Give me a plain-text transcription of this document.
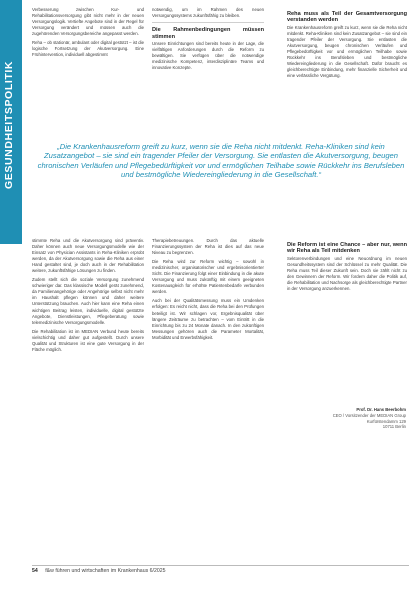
GESUNDHEITSPOLITIK

Verbesserung zwischen Kur- und Rehabilitationsversorgung gibt nicht mehr in der neuen Versorgungslogik. Vertiefte Angebote sind in der Regel für Versorgung verändert und müssen auch die zugehörenden Versorgungsbereiche angepasst werden.

Reha – ob stationär, ambulant oder digital gestützt – ist die logische Fortsetzung der Akutversorgung. Eine Frühintervention, individuell abgestimmt

notwendig, um im Rahmen des neuen Versorgungssystems zukunftsfähig zu bleiben.

Die Rahmenbedingungen müssen stimmen

Unsere Einrichtungen sind bereits heute in der Lage, die vielfältigen Anforderungen durch die Reform zu bewältigen. Sie verfügen über die notwendige medizinische Kompetenz, interdisziplinäre Teams und innovative Konzepte.

Reha muss als Teil der Gesamtversorgung verstanden werden

Die Krankenhausreform greift zu kurz, wenn sie die Reha nicht mitdenkt. Reha-Kliniken sind kein Zusatzangebot – sie sind ein tragender Pfeiler der Versorgung. Sie entlasten die Akutversorgung, beugen chronischen Verläufen und Pflegebedürftigkeit vor und ermöglichen Teilhabe sowie Rückkehr ins Berufsleben und bestmögliche Wiedereingliederung in die Gesellschaft. Dafür braucht es gleichberechtigte Einbindung, mehr finanzielle Sicherheit und eine verlässliche Vergütung.

„Die Krankenhausreform greift zu kurz, wenn sie die Reha nicht mitdenkt. Reha-Kliniken sind kein Zusatzangebot – sie sind ein tragender Pfeiler der Versorgung. Sie entlasten die Akutversorgung, beugen chronischen Verläufen und Pflegebedürftigkeit vor und ermöglichen Teilhabe sowie Rückkehr ins Berufsleben und bestmögliche Wiedereingliederung in die Gesellschaft.“

stimmte Reha und die Akutversorgung sind präventiv. Daher können auch neue Versorgungsmodelle wie der Einsatz von Physician Assistants in Reha-Kliniken erprobt werden, da der Akutversorgung sowie die Reha aus einer Hand gestaltet sind, je doch auch in der Rehabilitation weitere, zukunftsfähige Lösungen zu finden.

Zudem stellt sich die soziale Versorgung zunehmend schwieriger dar. Das klassische Modell gerät zunehmend, da Familienangehörige oder Angehörige selbst nicht mehr im Haushalt pflegen können und daher weitere Unterstützung brauchen. Auch hier kann eine Reha einen wichtigen Beitrag leisten, individuelle, digital gestützte Angebote, Dienstleistungen, Pflegeberatung sowie telemedizinische Versorgungsmodelle.

Die Rehabilitation ist im MEDIAN Verbund heute bereits vielschichtig und daher gut aufgestellt. Durch unsere Qualität und Strukturen ist eine gute Versorgung in der Fläche möglich.

Therapiebetreuungen. Durch das aktuelle Finanzierungssystem der Reha ist dies auf das neue Niveau zu begrenzen.

Die Reha wird zur Reform wichtig – sowohl in medizinischer, organisatorischer und ergebnisorientierter Sicht. Die Finanzierung folgt einer Einbindung in die akute Versorgung und muss zukünftig mit einem geeigneten Kostenausgleich für erhöhte Patientenbedarfe verbunden werden.

Auch bei der Qualitätsmessung muss ein Umdenken erfolgen: Es reicht nicht, dass die Reha bei den Prüfungen beteiligt ist. Wir schlagen vor, Ergebnisqualität über längere Zeiträume zu betrachten – vom Eintritt in die Einrichtung bis zu 24 Monate danach. In den zukünftigen Messungen gehören auch die Parameter Mortalität, Morbidität und Erwerbsfähigkeit.

Die Reform ist eine Chance – aber nur, wenn wir Reha als Teil mitdenken

Sektorenverbindungen und eine Neuordnung im neuen Gesundheitssystem sind der Schlüssel zu mehr Qualität. Die Reha muss Teil dieser Zukunft sein. Doch sie zählt nicht zu den Gewinnern der Reform. Wir fordern daher die Politik auf, die Rehabilitation und Nachsorge als gleichberechtigte Partner in der Versorgung anzuerkennen.

Prof. Dr. Hans Beerbohm
CEO / Vorsitzender der MEDIAN Group
Kurfürstendamm 129
10711 Berlin
54 f&w führen und wirtschaften im Krankenhaus 6/2025
